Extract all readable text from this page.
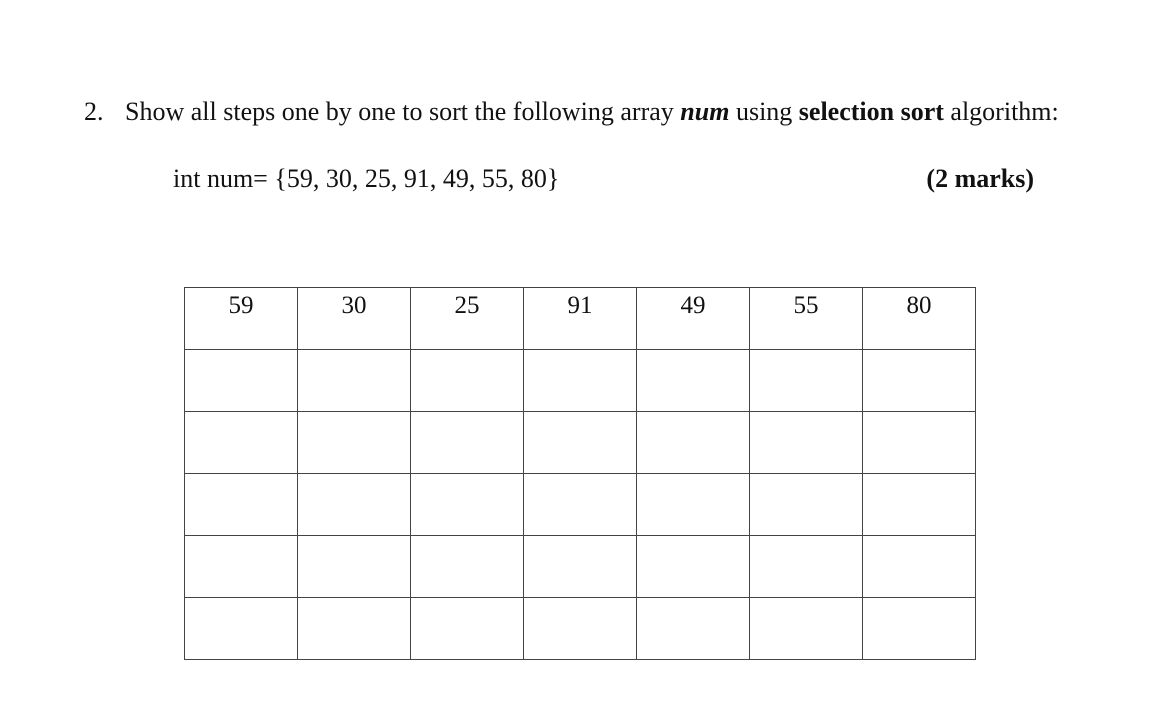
2. Show all steps one by one to sort the following array num using selection sort algorithm:
int num= {59, 30, 25, 91, 49, 55, 80}	(2 marks)
59	30	25	91	49	55	80
